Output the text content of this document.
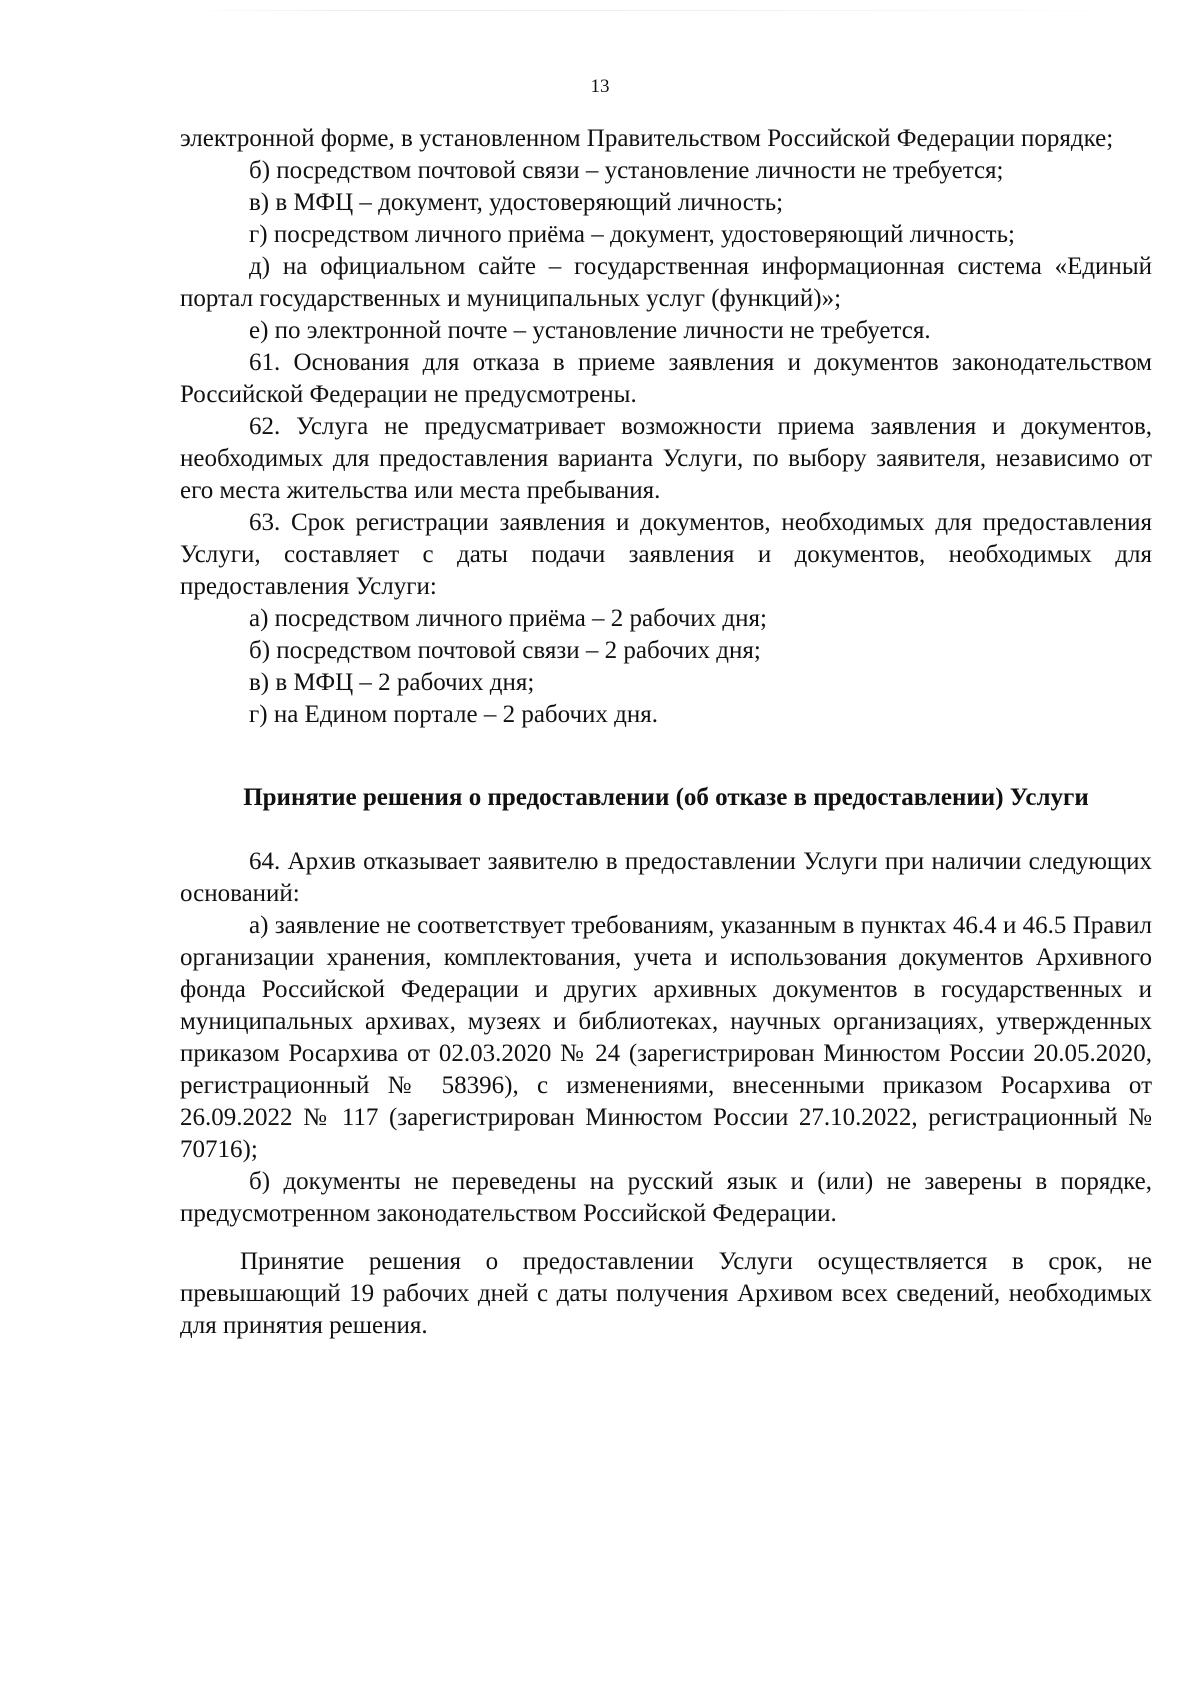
13

электронной форме, в установленном Правительством Российской Федерации порядке;

б) посредством почтовой связи – установление личности не требуется;

в) в МФЦ – документ, удостоверяющий личность;

г) посредством личного приёма – документ, удостоверяющий личность;

д) на официальном сайте – государственная информационная система «Единый портал государственных и муниципальных услуг (функций)»;

е) по электронной почте – установление личности не требуется.

61. Основания для отказа в приеме заявления и документов законодательством Российской Федерации не предусмотрены.

62. Услуга не предусматривает возможности приема заявления и документов, необходимых для предоставления варианта Услуги, по выбору заявителя, независимо от его места жительства или места пребывания.

63. Срок регистрации заявления и документов, необходимых для предоставления Услуги, составляет с даты подачи заявления и документов, необходимых для предоставления Услуги:

а) посредством личного приёма – 2 рабочих дня;

б) посредством почтовой связи – 2 рабочих дня;

в) в МФЦ – 2 рабочих дня;

г) на Едином портале – 2 рабочих дня.

Принятие решения о предоставлении (об отказе в предоставлении) Услуги

64. Архив отказывает заявителю в предоставлении Услуги при наличии следующих оснований:

а) заявление не соответствует требованиям, указанным в пунктах 46.4 и 46.5 Правил организации хранения, комплектования, учета и использования документов Архивного фонда Российской Федерации и других архивных документов в государственных и муниципальных архивах, музеях и библиотеках, научных организациях, утвержденных приказом Росархива от 02.03.2020 № 24 (зарегистрирован Минюстом России 20.05.2020, регистрационный № 58396), с изменениями, внесенными приказом Росархива от 26.09.2022 № 117 (зарегистрирован Минюстом России 27.10.2022, регистрационный № 70716);

б) документы не переведены на русский язык и (или) не заверены в порядке, предусмотренном законодательством Российской Федерации.

Принятие решения о предоставлении Услуги осуществляется в срок, не превышающий 19 рабочих дней с даты получения Архивом всех сведений, необходимых для принятия решения.
